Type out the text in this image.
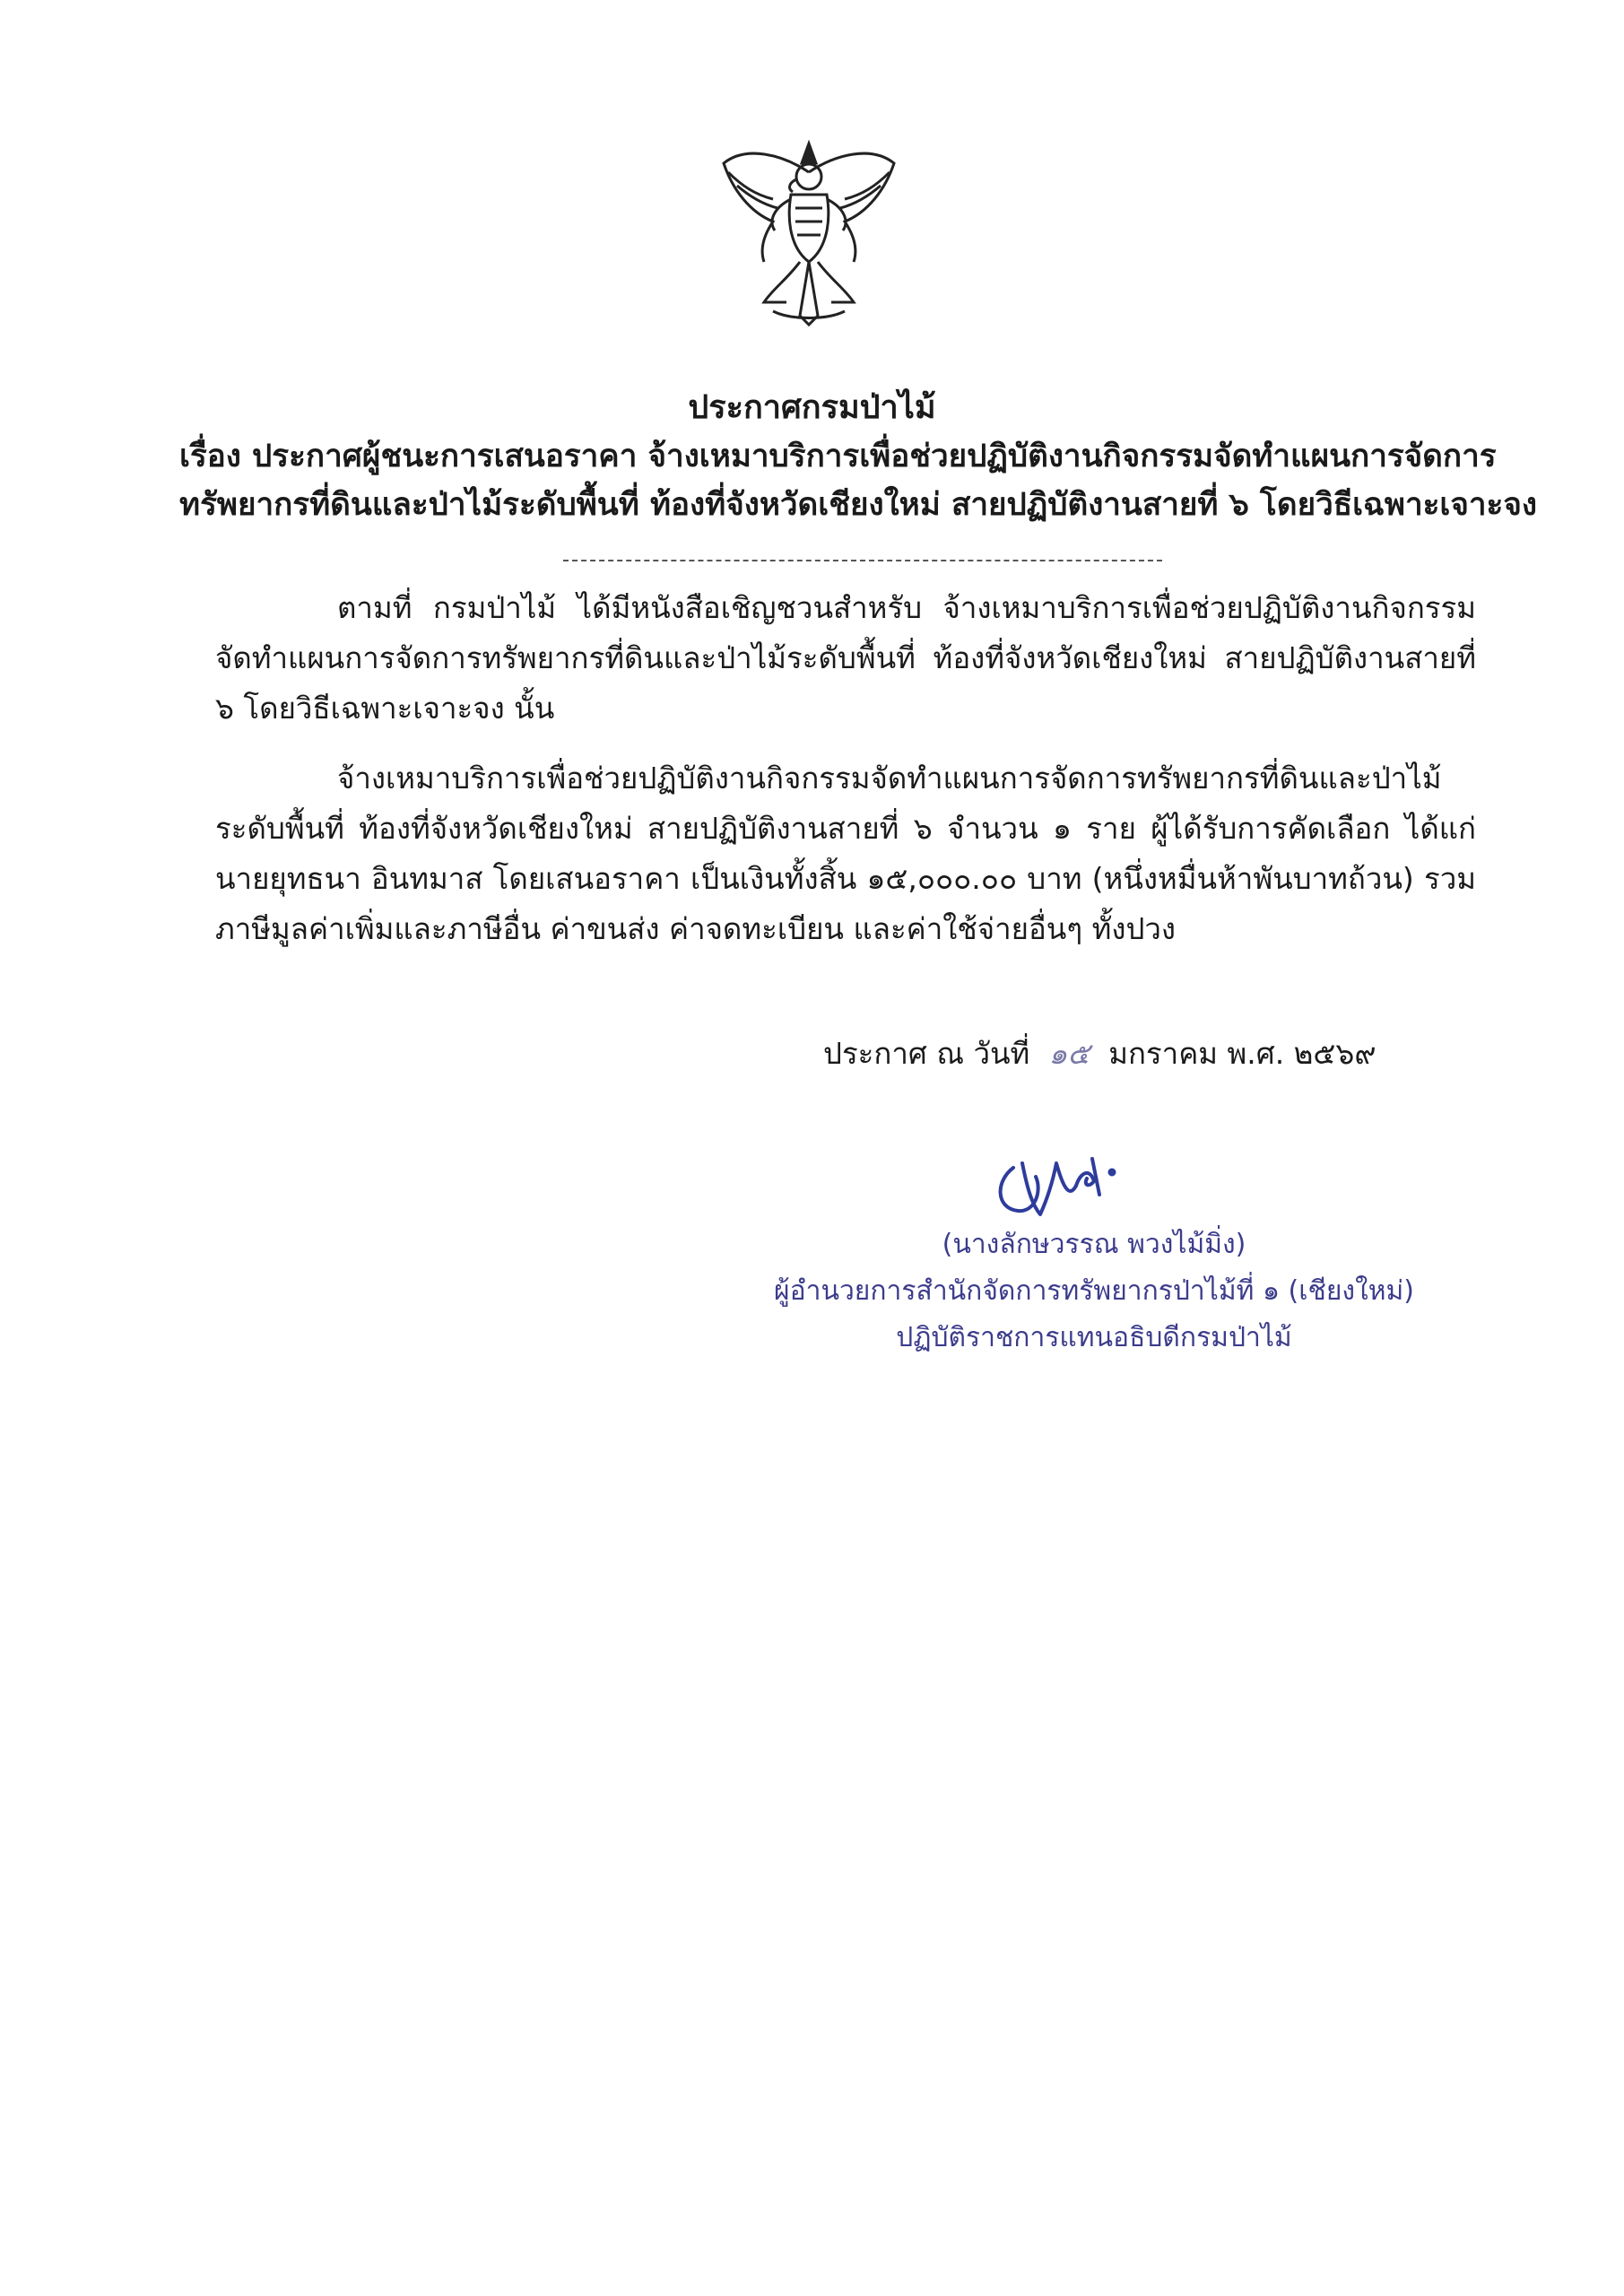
ประกาศกรมป่าไม้
เรื่อง ประกาศผู้ชนะการเสนอราคา จ้างเหมาบริการเพื่อช่วยปฏิบัติงานกิจกรรมจัดทำแผนการจัดการ
ทรัพยากรที่ดินและป่าไม้ระดับพื้นที่ ท้องที่จังหวัดเชียงใหม่ สายปฏิบัติงานสายที่ ๖ โดยวิธีเฉพาะเจาะจง

ตามที่ กรมป่าไม้ ได้มีหนังสือเชิญชวนสำหรับ จ้างเหมาบริการเพื่อช่วยปฏิบัติงานกิจกรรมจัดทำแผนการจัดการทรัพยากรที่ดินและป่าไม้ระดับพื้นที่ ท้องที่จังหวัดเชียงใหม่ สายปฏิบัติงานสายที่ ๖ โดยวิธีเฉพาะเจาะจง นั้น

จ้างเหมาบริการเพื่อช่วยปฏิบัติงานกิจกรรมจัดทำแผนการจัดการทรัพยากรที่ดินและป่าไม้ระดับพื้นที่ ท้องที่จังหวัดเชียงใหม่ สายปฏิบัติงานสายที่ ๖ จำนวน ๑ ราย ผู้ได้รับการคัดเลือก ได้แก่ นายยุทธนา อินทมาส โดยเสนอราคา เป็นเงินทั้งสิ้น ๑๕,๐๐๐.๐๐ บาท (หนึ่งหมื่นห้าพันบาทถ้วน) รวมภาษีมูลค่าเพิ่มและภาษีอื่น ค่าขนส่ง ค่าจดทะเบียน และค่าใช้จ่ายอื่นๆ ทั้งปวง

ประกาศ ณ วันที่ ๑๕ มกราคม พ.ศ. ๒๕๖๙
(นางลักษวรรณ พวงไม้มิ่ง)
ผู้อำนวยการสำนักจัดการทรัพยากรป่าไม้ที่ ๑ (เชียงใหม่)
ปฏิบัติราชการแทนอธิบดีกรมป่าไม้
